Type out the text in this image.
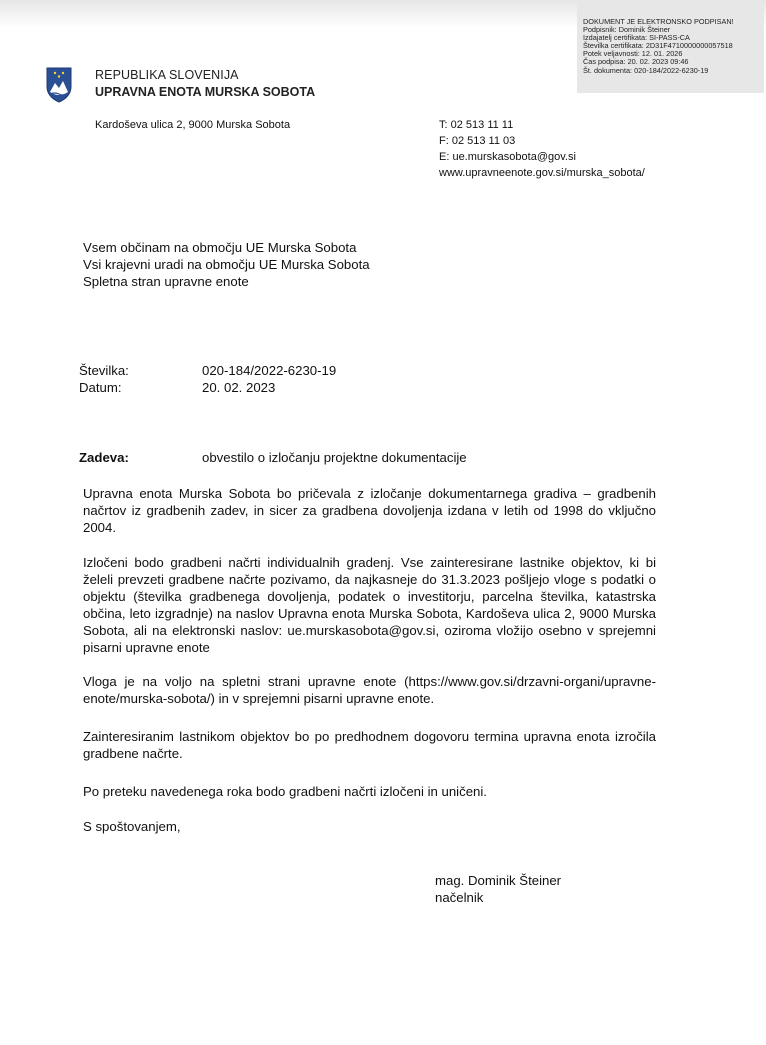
DOKUMENT JE ELEKTRONSKO PODPISAN!
Podpisnik: Dominik Šteiner
Izdajatelj certifikata: SI-PASS-CA
Številka certifikata: 2D31F4710000000057518
Potek veljavnosti: 12. 01. 2026
Čas podpisa: 20. 02. 2023 09:46
Št. dokumenta: 020-184/2022-6230-19
REPUBLIKA SLOVENIJA
UPRAVNA ENOTA MURSKA SOBOTA
Kardoševa ulica 2, 9000 Murska Sobota	T: 02 513 11 11
F: 02 513 11 03
E: ue.murskasobota@gov.si
www.upravneenote.gov.si/murska_sobota/
Vsem občinam na območju UE Murska Sobota
Vsi krajevni uradi na območju UE Murska Sobota
Spletna stran upravne enote
Številka:	020-184/2022-6230-19
Datum:	20. 02. 2023
Zadeva:	obvestilo o izločanju projektne dokumentacije
Upravna enota Murska Sobota bo pričevala z izločanje dokumentarnega gradiva – gradbenih
načrtov iz gradbenih zadev, in sicer za gradbena dovoljenja izdana v letih od 1998 do vključno
2004.
Izločeni bodo gradbeni načrti individualnih gradenj. Vse zainteresirane lastnike objektov, ki bi
želeli prevzeti gradbene načrte pozivamo, da najkasneje do 31.3.2023 pošljejo vloge s podatki o
objektu (številka gradbenega dovoljenja, podatek o investitorju, parcelna številka, katastrska
občina, leto izgradnje) na naslov Upravna enota Murska Sobota, Kardoševa ulica 2, 9000 Murska
Sobota, ali na elektronski naslov: ue.murskasobota@gov.si, oziroma vložijo osebno v sprejemni
pisarni upravne enote
Vloga je na voljo na spletni strani upravne enote (https://www.gov.si/drzavni-organi/upravne-
enote/murska-sobota/) in v sprejemni pisarni upravne enote.
Zainteresiranim lastnikom objektov bo po predhodnem dogovoru termina upravna enota izročila
gradbene načrte.
Po preteku navedenega roka bodo gradbeni načrti izločeni in uničeni.
S spoštovanjem,
mag. Dominik Šteiner
načelnik
